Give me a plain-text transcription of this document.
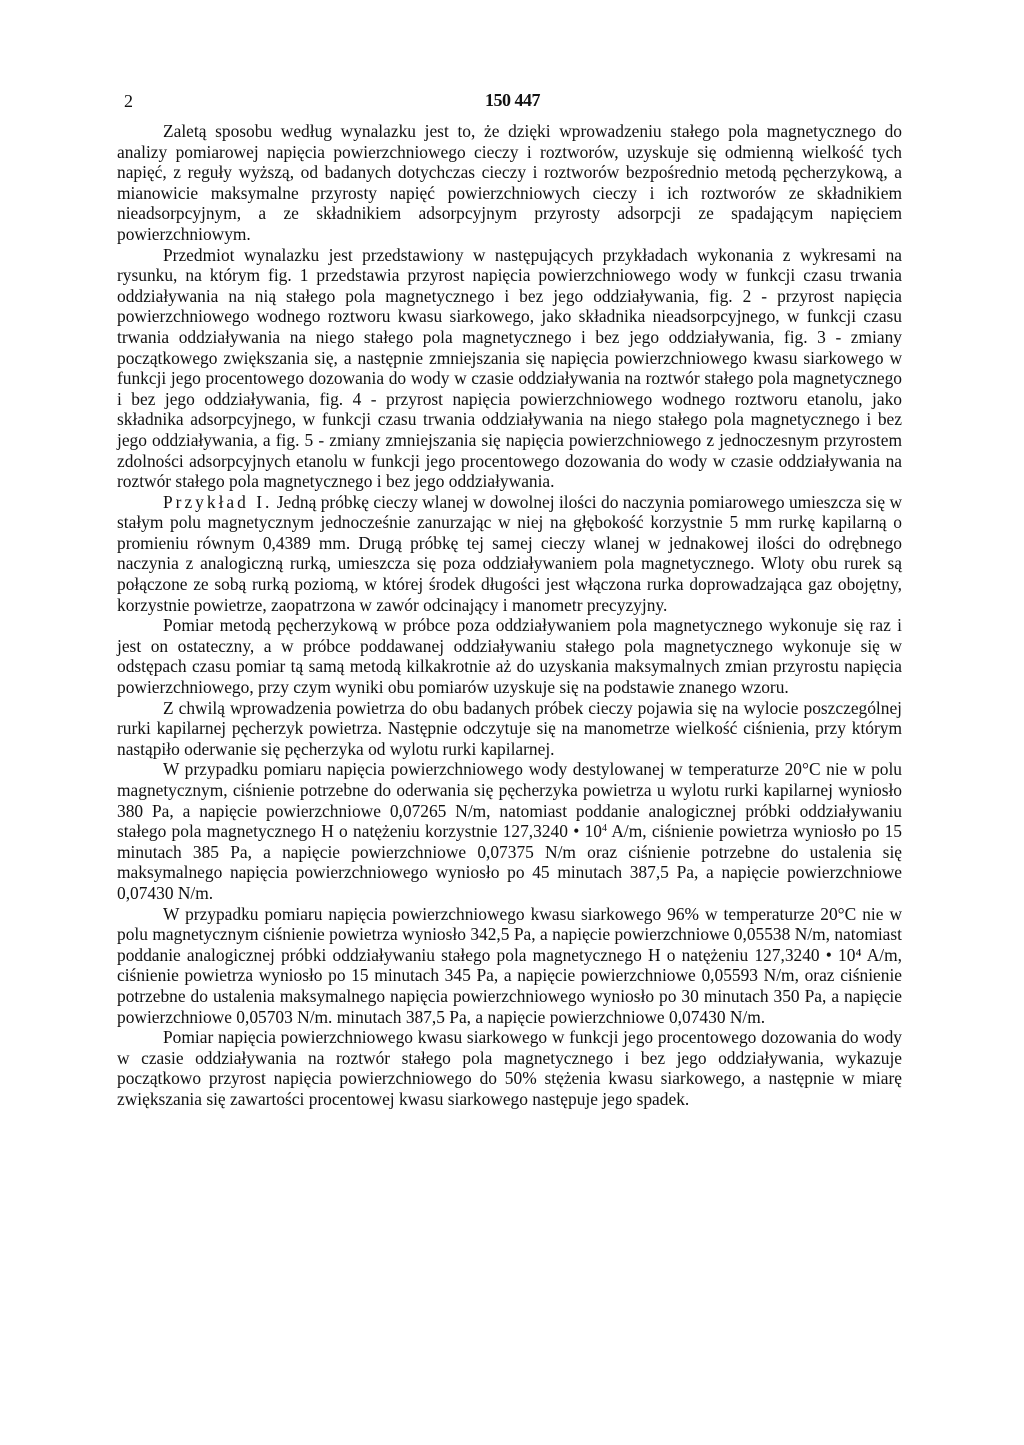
2	150 447

Zaletą sposobu według wynalazku jest to, że dzięki wprowadzeniu stałego pola magnetycznego do analizy pomiarowej napięcia powierzchniowego cieczy i roztworów, uzyskuje się odmienną wielkość tych napięć, z reguły wyższą, od badanych dotychczas cieczy i roztworów bezpośrednio metodą pęcherzykową, a mianowicie maksymalne przyrosty napięć powierzchniowych cieczy i ich roztworów ze składnikiem nieadsorpcyjnym, a ze składnikiem adsorpcyjnym przyrosty adsorpcji ze spadającym napięciem powierzchniowym.

Przedmiot wynalazku jest przedstawiony w następujących przykładach wykonania z wykresami na rysunku, na którym fig. 1 przedstawia przyrost napięcia powierzchniowego wody w funkcji czasu trwania oddziaływania na nią stałego pola magnetycznego i bez jego oddziaływania, fig. 2 - przyrost napięcia powierzchniowego wodnego roztworu kwasu siarkowego, jako składnika nieadsorpcyjnego, w funkcji czasu trwania oddziaływania na niego stałego pola magnetycznego i bez jego oddziaływania, fig. 3 - zmiany początkowego zwiększania się, a następnie zmniejszania się napięcia powierzchniowego kwasu siarkowego w funkcji jego procentowego dozowania do wody w czasie oddziaływania na roztwór stałego pola magnetycznego i bez jego oddziaływania, fig. 4 - przyrost napięcia powierzchniowego wodnego roztworu etanolu, jako składnika adsorpcyjnego, w funkcji czasu trwania oddziaływania na niego stałego pola magnetycznego i bez jego oddziaływania, a fig. 5 - zmiany zmniejszania się napięcia powierzchniowego z jednoczesnym przyrostem zdolności adsorpcyjnych etanolu w funkcji jego procentowego dozowania do wody w czasie oddziaływania na roztwór stałego pola magnetycznego i bez jego oddziaływania.

Przykład I. Jedną próbkę cieczy wlanej w dowolnej ilości do naczynia pomiarowego umieszcza się w stałym polu magnetycznym jednocześnie zanurzając w niej na głębokość korzystnie 5 mm rurkę kapilarną o promieniu równym 0,4389 mm. Drugą próbkę tej samej cieczy wlanej w jednakowej ilości do odrębnego naczynia z analogiczną rurką, umieszcza się poza oddziaływaniem pola magnetycznego. Wloty obu rurek są połączone ze sobą rurką poziomą, w której środek długości jest włączona rurka doprowadzająca gaz obojętny, korzystnie powietrze, zaopatrzona w zawór odcinający i manometr precyzyjny.

Pomiar metodą pęcherzykową w próbce poza oddziaływaniem pola magnetycznego wykonuje się raz i jest on ostateczny, a w próbce poddawanej oddziaływaniu stałego pola magnetycznego wykonuje się w odstępach czasu pomiar tą samą metodą kilkakrotnie aż do uzyskania maksymalnych zmian przyrostu napięcia powierzchniowego, przy czym wyniki obu pomiarów uzyskuje się na podstawie znanego wzoru.

Z chwilą wprowadzenia powietrza do obu badanych próbek cieczy pojawia się na wylocie poszczególnej rurki kapilarnej pęcherzyk powietrza. Następnie odczytuje się na manometrze wielkość ciśnienia, przy którym nastąpiło oderwanie się pęcherzyka od wylotu rurki kapilarnej.

W przypadku pomiaru napięcia powierzchniowego wody destylowanej w temperaturze 20°C nie w polu magnetycznym, ciśnienie potrzebne do oderwania się pęcherzyka powietrza u wylotu rurki kapilarnej wyniosło 380 Pa, a napięcie powierzchniowe 0,07265 N/m, natomiast poddanie analogicznej próbki oddziaływaniu stałego pola magnetycznego H o natężeniu korzystnie 127,3240 • $10^4$ A/m, ciśnienie powietrza wyniosło po 15 minutach 385 Pa, a napięcie powierzchniowe 0,07375 N/m oraz ciśnienie potrzebne do ustalenia się maksymalnego napięcia powierzchniowego wyniosło po 45 minutach 387,5 Pa, a napięcie powierzchniowe 0,07430 N/m.

W przypadku pomiaru napięcia powierzchniowego kwasu siarkowego 96% w temperaturze 20°C nie w polu magnetycznym ciśnienie powietrza wyniosło 342,5 Pa, a napięcie powierzchniowe 0,05538 N/m, natomiast poddanie analogicznej próbki oddziaływaniu stałego pola magnetycznego H o natężeniu 127,3240 • 10⁴ A/m, ciśnienie powietrza wyniosło po 15 minutach 345 Pa, a napięcie powierzchniowe 0,05593 N/m, oraz ciśnienie potrzebne do ustalenia maksymalnego napięcia powierzchniowego wyniosło po 30 minutach 350 Pa, a napięcie powierzchniowe 0,05703 N/m. minutach 387,5 Pa, a napięcie powierzchniowe 0,07430 N/m.

Pomiar napięcia powierzchniowego kwasu siarkowego w funkcji jego procentowego dozowania do wody w czasie oddziaływania na roztwór stałego pola magnetycznego i bez jego oddziaływania, wykazuje początkowo przyrost napięcia powierzchniowego do 50% stężenia kwasu siarkowego, a następnie w miarę zwiększania się zawartości procentowej kwasu siarkowego następuje jego spadek.
